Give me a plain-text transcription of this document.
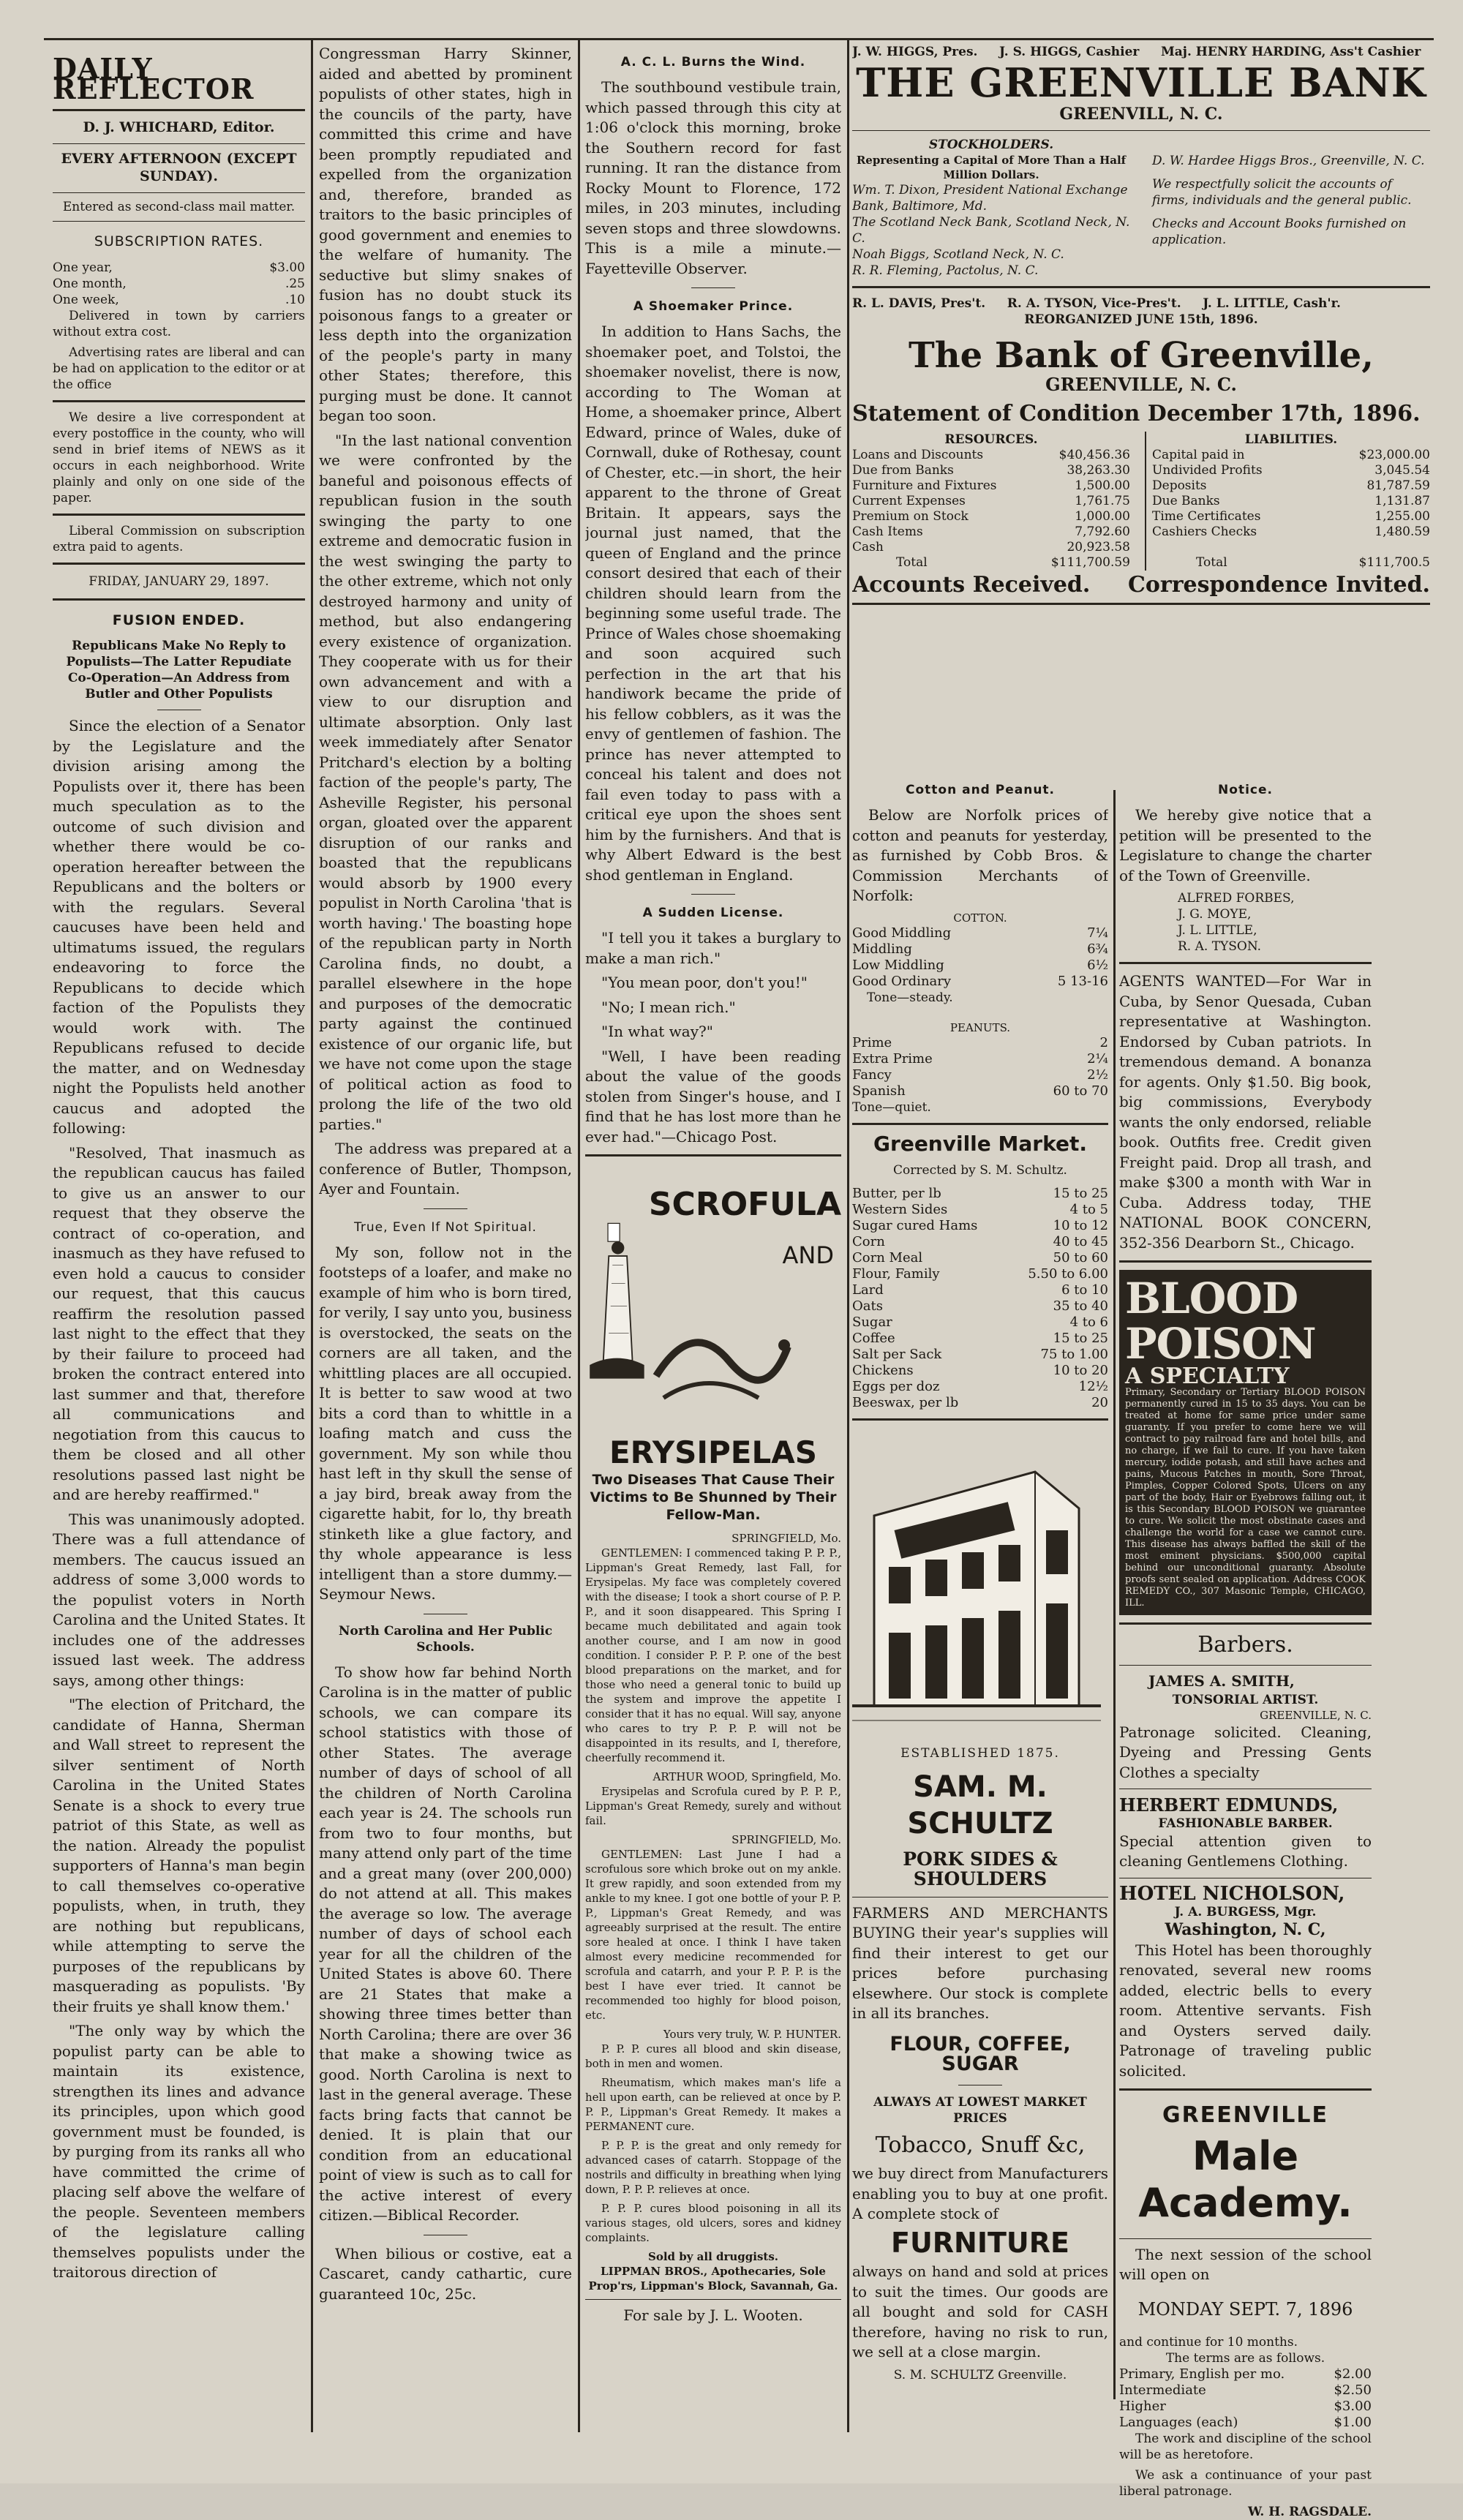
DAILY REFLECTOR
D. J. WHICHARD, Editor.
EVERY AFTERNOON (EXCEPT SUNDAY).
Entered as second-class mail matter.
SUBSCRIPTION RATES.
One year,	$3.00
One month,	.25
One week,	.10

Delivered in town by carriers without extra cost.

Advertising rates are liberal and can be had on application to the editor or at the office

We desire a live correspondent at every postoffice in the county, who will send in brief items of NEWS as it occurs in each neighborhood. Write plainly and only on one side of the paper.

Liberal Commission on subscription extra paid to agents.

FRIDAY, JANUARY 29, 1897.
FUSION ENDED.
Republicans Make No Reply to Populists—The Latter Repudiate Co-Operation—An Address from Butler and Other Populists

Since the election of a Senator by the Legislature and the division arising among the Populists over it, there has been much speculation as to the outcome of such division and whether there would be co-operation hereafter between the Republicans and the bolters or with the regulars. Several caucuses have been held and ultimatums issued, the regulars endeavoring to force the Republicans to decide which faction of the Populists they would work with. The Republicans refused to decide the matter, and on Wednesday night the Populists held another caucus and adopted the following:

"Resolved, That inasmuch as the republican caucus has failed to give us an answer to our request that they observe the contract of co-operation, and inasmuch as they have refused to even hold a caucus to consider our request, that this caucus reaffirm the resolution passed last night to the effect that they by their failure to proceed had broken the contract entered into last summer and that, therefore all communications and negotiation from this caucus to them be closed and all other resolutions passed last night be and are hereby reaffirmed."

This was unanimously adopted. There was a full attendance of members. The caucus issued an address of some 3,000 words to the populist voters in North Carolina and the United States. It includes one of the addresses issued last week. The address says, among other things:

"The election of Pritchard, the candidate of Hanna, Sherman and Wall street to represent the silver sentiment of North Carolina in the United States Senate is a shock to every true patriot of this State, as well as the nation. Already the populist supporters of Hanna's man begin to call themselves co-operative populists, when, in truth, they are nothing but republicans, while attempting to serve the purposes of the republicans by masquerading as populists. 'By their fruits ye shall know them.'

"The only way by which the populist party can be able to maintain its existence, strengthen its lines and advance its principles, upon which good government must be founded, is by purging from its ranks all who have committed the crime of placing self above the welfare of the people. Seventeen members of the legislature calling themselves populists under the traitorous direction of

Congressman Harry Skinner, aided and abetted by prominent populists of other states, high in the councils of the party, have committed this crime and have been promptly repudiated and expelled from the organization and, therefore, branded as traitors to the basic principles of good government and enemies to the welfare of humanity. The seductive but slimy snakes of fusion has no doubt stuck its poisonous fangs to a greater or less depth into the organization of the people's party in many other States; therefore, this purging must be done. It cannot began too soon.

"In the last national convention we were confronted by the baneful and poisonous effects of republican fusion in the south swinging the party to one extreme and democratic fusion in the west swinging the party to the other extreme, which not only destroyed harmony and unity of method, but also endangering every existence of organization. They cooperate with us for their own advancement and with a view to our disruption and ultimate absorption. Only last week immediately after Senator Pritchard's election by a bolting faction of the people's party, The Asheville Register, his personal organ, gloated over the apparent disruption of our ranks and boasted that the republicans would absorb by 1900 every populist in North Carolina 'that is worth having.' The boasting hope of the republican party in North Carolina finds, no doubt, a parallel elsewhere in the hope and purposes of the democratic party against the continued existence of our organic life, but we have not come upon the stage of political action as food to prolong the life of the two old parties."

The address was prepared at a conference of Butler, Thompson, Ayer and Fountain.

True, Even If Not Spiritual.

My son, follow not in the footsteps of a loafer, and make no example of him who is born tired, for verily, I say unto you, business is overstocked, the seats on the corners are all taken, and the whittling places are all occupied. It is better to saw wood at two bits a cord than to whittle in a loafing match and cuss the government. My son while thou hast left in thy skull the sense of a jay bird, break away from the cigarette habit, for lo, thy breath stinketh like a glue factory, and thy whole appearance is less intelligent than a store dummy.—Seymour News.

North Carolina and Her Public Schools.

To show how far behind North Carolina is in the matter of public schools, we can compare its school statistics with those of other States. The average number of days of school of all the children of North Carolina each year is 24. The schools run from two to four months, but many attend only part of the time and a great many (over 200,000) do not attend at all. This makes the average so low. The average number of days of school each year for all the children of the United States is above 60. There are 21 States that make a showing three times better than North Carolina; there are over 36 that make a showing twice as good. North Carolina is next to last in the general average. These facts bring facts that cannot be denied. It is plain that our condition from an educational point of view is such as to call for the active interest of every citizen.—Biblical Recorder.

When bilious or costive, eat a Cascaret, candy cathartic, cure guaranteed 10c, 25c.

A. C. L. Burns the Wind.

The southbound vestibule train, which passed through this city at 1:06 o'clock this morning, broke the Southern record for fast running. It ran the distance from Rocky Mount to Florence, 172 miles, in 203 minutes, including seven stops and three slowdowns. This is a mile a minute.—Fayetteville Observer.

A Shoemaker Prince.

In addition to Hans Sachs, the shoemaker poet, and Tolstoi, the shoemaker novelist, there is now, according to The Woman at Home, a shoemaker prince, Albert Edward, prince of Wales, duke of Cornwall, duke of Rothesay, count of Chester, etc.—in short, the heir apparent to the throne of Great Britain. It appears, says the journal just named, that the queen of England and the prince consort desired that each of their children should learn from the beginning some useful trade. The Prince of Wales chose shoemaking and soon acquired such perfection in the art that his handiwork became the pride of his fellow cobblers, as it was the envy of gentlemen of fashion. The prince has never attempted to conceal his talent and does not fail even today to pass with a critical eye upon the shoes sent him by the furnishers. And that is why Albert Edward is the best shod gentleman in England.

A Sudden License.

"I tell you it takes a burglary to make a man rich."

"You mean poor, don't you!"

"No; I mean rich."

"In what way?"

"Well, I have been reading about the value of the goods stolen from Singer's house, and I find that he has lost more than he ever had."—Chicago Post.

SCROFULA
AND
ERYSIPELAS
Two Diseases That Cause Their Victims to Be Shunned by Their Fellow-Man.
SPRINGFIELD, Mo.

GENTLEMEN: I commenced taking P. P. P., Lippman's Great Remedy, last Fall, for Erysipelas. My face was completely covered with the disease; I took a short course of P. P. P., and it soon disappeared. This Spring I became much debilitated and again took another course, and I am now in good condition. I consider P. P. P. one of the best blood preparations on the market, and for those who need a general tonic to build up the system and improve the appetite I consider that it has no equal. Will say, anyone who cares to try P. P. P. will not be disappointed in its results, and I, therefore, cheerfully recommend it.

ARTHUR WOOD, Springfield, Mo.

Erysipelas and Scrofula cured by P. P. P., Lippman's Great Remedy, surely and without fail.

SPRINGFIELD, Mo.

GENTLEMEN: Last June I had a scrofulous sore which broke out on my ankle. It grew rapidly, and soon extended from my ankle to my knee. I got one bottle of your P. P. P., Lippman's Great Remedy, and was agreeably surprised at the result. The entire sore healed at once. I think I have taken almost every medicine recommended for scrofula and catarrh, and your P. P. P. is the best I have ever tried. It cannot be recommended too highly for blood poison, etc.

Yours very truly, W. P. HUNTER.

P. P. P. cures all blood and skin disease, both in men and women.

Rheumatism, which makes man's life a hell upon earth, can be relieved at once by P. P. P., Lippman's Great Remedy. It makes a PERMANENT cure.

P. P. P. is the great and only remedy for advanced cases of catarrh. Stoppage of the nostrils and difficulty in breathing when lying down, P. P. P. relieves at once.

P. P. P. cures blood poisoning in all its various stages, old ulcers, sores and kidney complaints.

Sold by all druggists.
LIPPMAN BROS., Apothecaries, Sole Prop'rs, Lippman's Block, Savannah, Ga.
For sale by J. L. Wooten.
J. W. HIGGS, Pres.     J. S. HIGGS, Cashier     Maj. HENRY HARDING, Ass't Cashier
THE GREENVILLE BANK
GREENVILL, N. C.
STOCKHOLDERS.
Representing a Capital of More Than a Half Million Dollars.
Wm. T. Dixon, President National Exchange Bank, Baltimore, Md.
The Scotland Neck Bank, Scotland Neck, N. C.
Noah Biggs, Scotland Neck, N. C.
R. R. Fleming, Pactolus, N. C.
D. W. Hardee Higgs Bros., Greenville, N. C.
We respectfully solicit the accounts of firms, individuals and the general public.
Checks and Account Books furnished on application.
R. L. DAVIS, Pres't.     R. A. TYSON, Vice-Pres't.     J. L. LITTLE, Cash'r.
REORGANIZED JUNE 15th, 1896.
The Bank of Greenville,
GREENVILLE, N. C.
Statement of Condition December 17th, 1896.
RESOURCES.
Loans and Discounts	$40,456.36
Due from Banks	38,263.30
Furniture and Fixtures	1,500.00
Current Expenses	1,761.75
Premium on Stock	1,000.00
Cash Items	7,792.60
Cash	20,923.58
Total	$111,700.59
LIABILITIES.
Capital paid in	$23,000.00
Undivided Profits	3,045.54
Deposits	81,787.59
Due Banks	1,131.87
Time Certificates	1,255.00
Cashiers Checks	1,480.59

Total	$111,700.5
Accounts Received. Correspondence Invited.
Cotton and Peanut.

Below are Norfolk prices of cotton and peanuts for yesterday, as furnished by Cobb Bros. & Commission Merchants of Norfolk:

COTTON.
Good Middling	7¼
Middling	6¾
Low Middling	6½
Good Ordinary	5 13-16
Tone—steady.
PEANUTS.
Prime	2
Extra Prime	2¼
Fancy	2½
Spanish	60 to 70
Tone—quiet.
Greenville Market.
Corrected by S. M. Schultz.
Butter, per lb	15 to 25
Western Sides	4 to 5
Sugar cured Hams	10 to 12
Corn	40 to 45
Corn Meal	50 to 60
Flour, Family	5.50 to 6.00
Lard	6 to 10
Oats	35 to 40
Sugar	4 to 6
Coffee	15 to 25
Salt per Sack	75 to 1.00
Chickens	10 to 20
Eggs per doz	12½
Beeswax, per lb	20
ESTABLISHED 1875.
SAM. M. SCHULTZ
PORK SIDES & SHOULDERS

FARMERS AND MERCHANTS BUYING their year's supplies will find their interest to get our prices before purchasing elsewhere. Our stock is complete in all its branches.

FLOUR, COFFEE, SUGAR
ALWAYS AT LOWEST MARKET PRICES
Tobacco, Snuff &c,

we buy direct from Manufacturers enabling you to buy at one profit. A complete stock of

FURNITURE

always on hand and sold at prices to suit the times. Our goods are all bought and sold for CASH therefore, having no risk to run, we sell at a close margin.

S. M. SCHULTZ Greenville.
Notice.

We hereby give notice that a petition will be presented to the Legislature to change the charter of the Town of Greenville.

ALFRED FORBES,
J. G. MOYE,
J. L. LITTLE,
R. A. TYSON.

AGENTS WANTED—For War in Cuba, by Senor Quesada, Cuban representative at Washington. Endorsed by Cuban patriots. In tremendous demand. A bonanza for agents. Only $1.50. Big book, big commissions, Everybody wants the only endorsed, reliable book. Outfits free. Credit given Freight paid. Drop all trash, and make $300 a month with War in Cuba. Address today, THE NATIONAL BOOK CONCERN, 352-356 Dearborn St., Chicago.

BLOOD POISON
A SPECIALTY
Primary, Secondary or Tertiary BLOOD POISON permanently cured in 15 to 35 days. You can be treated at home for same price under same guaranty. If you prefer to come here we will contract to pay railroad fare and hotel bills, and no charge, if we fail to cure. If you have taken mercury, iodide potash, and still have aches and pains, Mucous Patches in mouth, Sore Throat, Pimples, Copper Colored Spots, Ulcers on any part of the body, Hair or Eyebrows falling out, it is this Secondary BLOOD POISON we guarantee to cure. We solicit the most obstinate cases and challenge the world for a case we cannot cure. This disease has always baffled the skill of the most eminent physicians. $500,000 capital behind our unconditional guaranty. Absolute proofs sent sealed on application. Address COOK REMEDY CO., 307 Masonic Temple, CHICAGO, ILL.
Barbers.
JAMES A. SMITH,
TONSORIAL ARTIST.
GREENVILLE, N. C.

Patronage solicited. Cleaning, Dyeing and Pressing Gents Clothes a specialty

HERBERT EDMUNDS,
FASHIONABLE BARBER.

Special attention given to cleaning Gentlemens Clothing.

HOTEL NICHOLSON,
J. A. BURGESS, Mgr.
Washington, N. C,

This Hotel has been thoroughly renovated, several new rooms added, electric bells to every room. Attentive servants. Fish and Oysters served daily. Patronage of traveling public solicited.

GREENVILLE
Male Academy.

The next session of the school will open on

MONDAY SEPT. 7, 1896
and continue for 10 months.
The terms are as follows.
Primary, English per mo.	$2.00
Intermediate	$2.50
Higher	$3.00
Languages (each)	$1.00

The work and discipline of the school will be as heretofore.

We ask a continuance of your past liberal patronage.

W. H. RAGSDALE.
